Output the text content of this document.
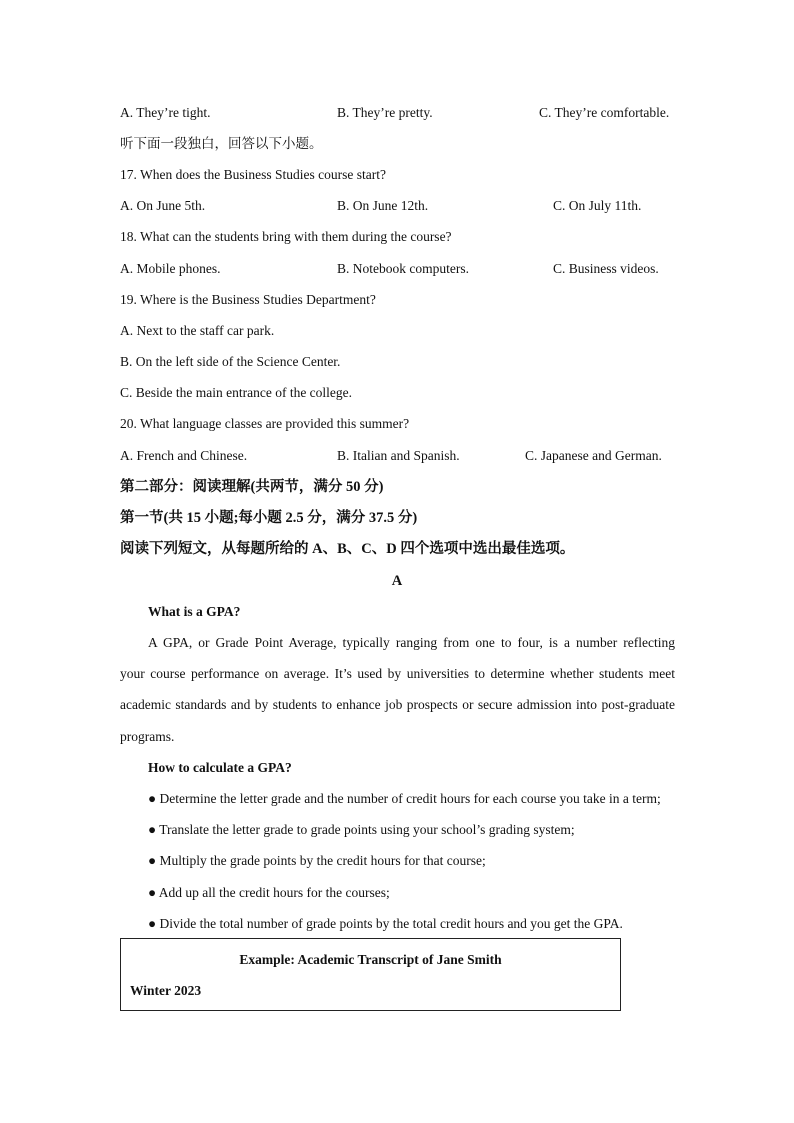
A. They’re tight.	B. They’re pretty.	C. They’re comfortable.
听下面一段独白，回答以下小题。
17. When does the Business Studies course start?
A. On June 5th.	B. On June 12th.	C. On July 11th.
18. What can the students bring with them during the course?
A. Mobile phones.	B. Notebook computers.	C. Business videos.
19. Where is the Business Studies Department?
A. Next to the staff car park.
B. On the left side of the Science Center.
C. Beside the main entrance of the college.
20. What language classes are provided this summer?
A. French and Chinese.	B. Italian and Spanish.	C. Japanese and German.
第二部分：阅读理解(共两节，满分 50 分)
第一节(共 15 小题;每小题 2.5 分，满分 37.5 分)
阅读下列短文，从每题所给的 A、B、C、D 四个选项中选出最佳选项。
A
What is a GPA?
A GPA, or Grade Point Average, typically ranging from one to four, is a number reflecting
your course performance on average. It’s used by universities to determine whether students meet
academic standards and by students to enhance job prospects or secure admission into post-graduate
programs.
How to calculate a GPA?
● Determine the letter grade and the number of credit hours for each course you take in a term;
● Translate the letter grade to grade points using your school’s grading system;
● Multiply the grade points by the credit hours for that course;
● Add up all the credit hours for the courses;
● Divide the total number of grade points by the total credit hours and you get the GPA.
Example: Academic Transcript of Jane Smith
Winter 2023
